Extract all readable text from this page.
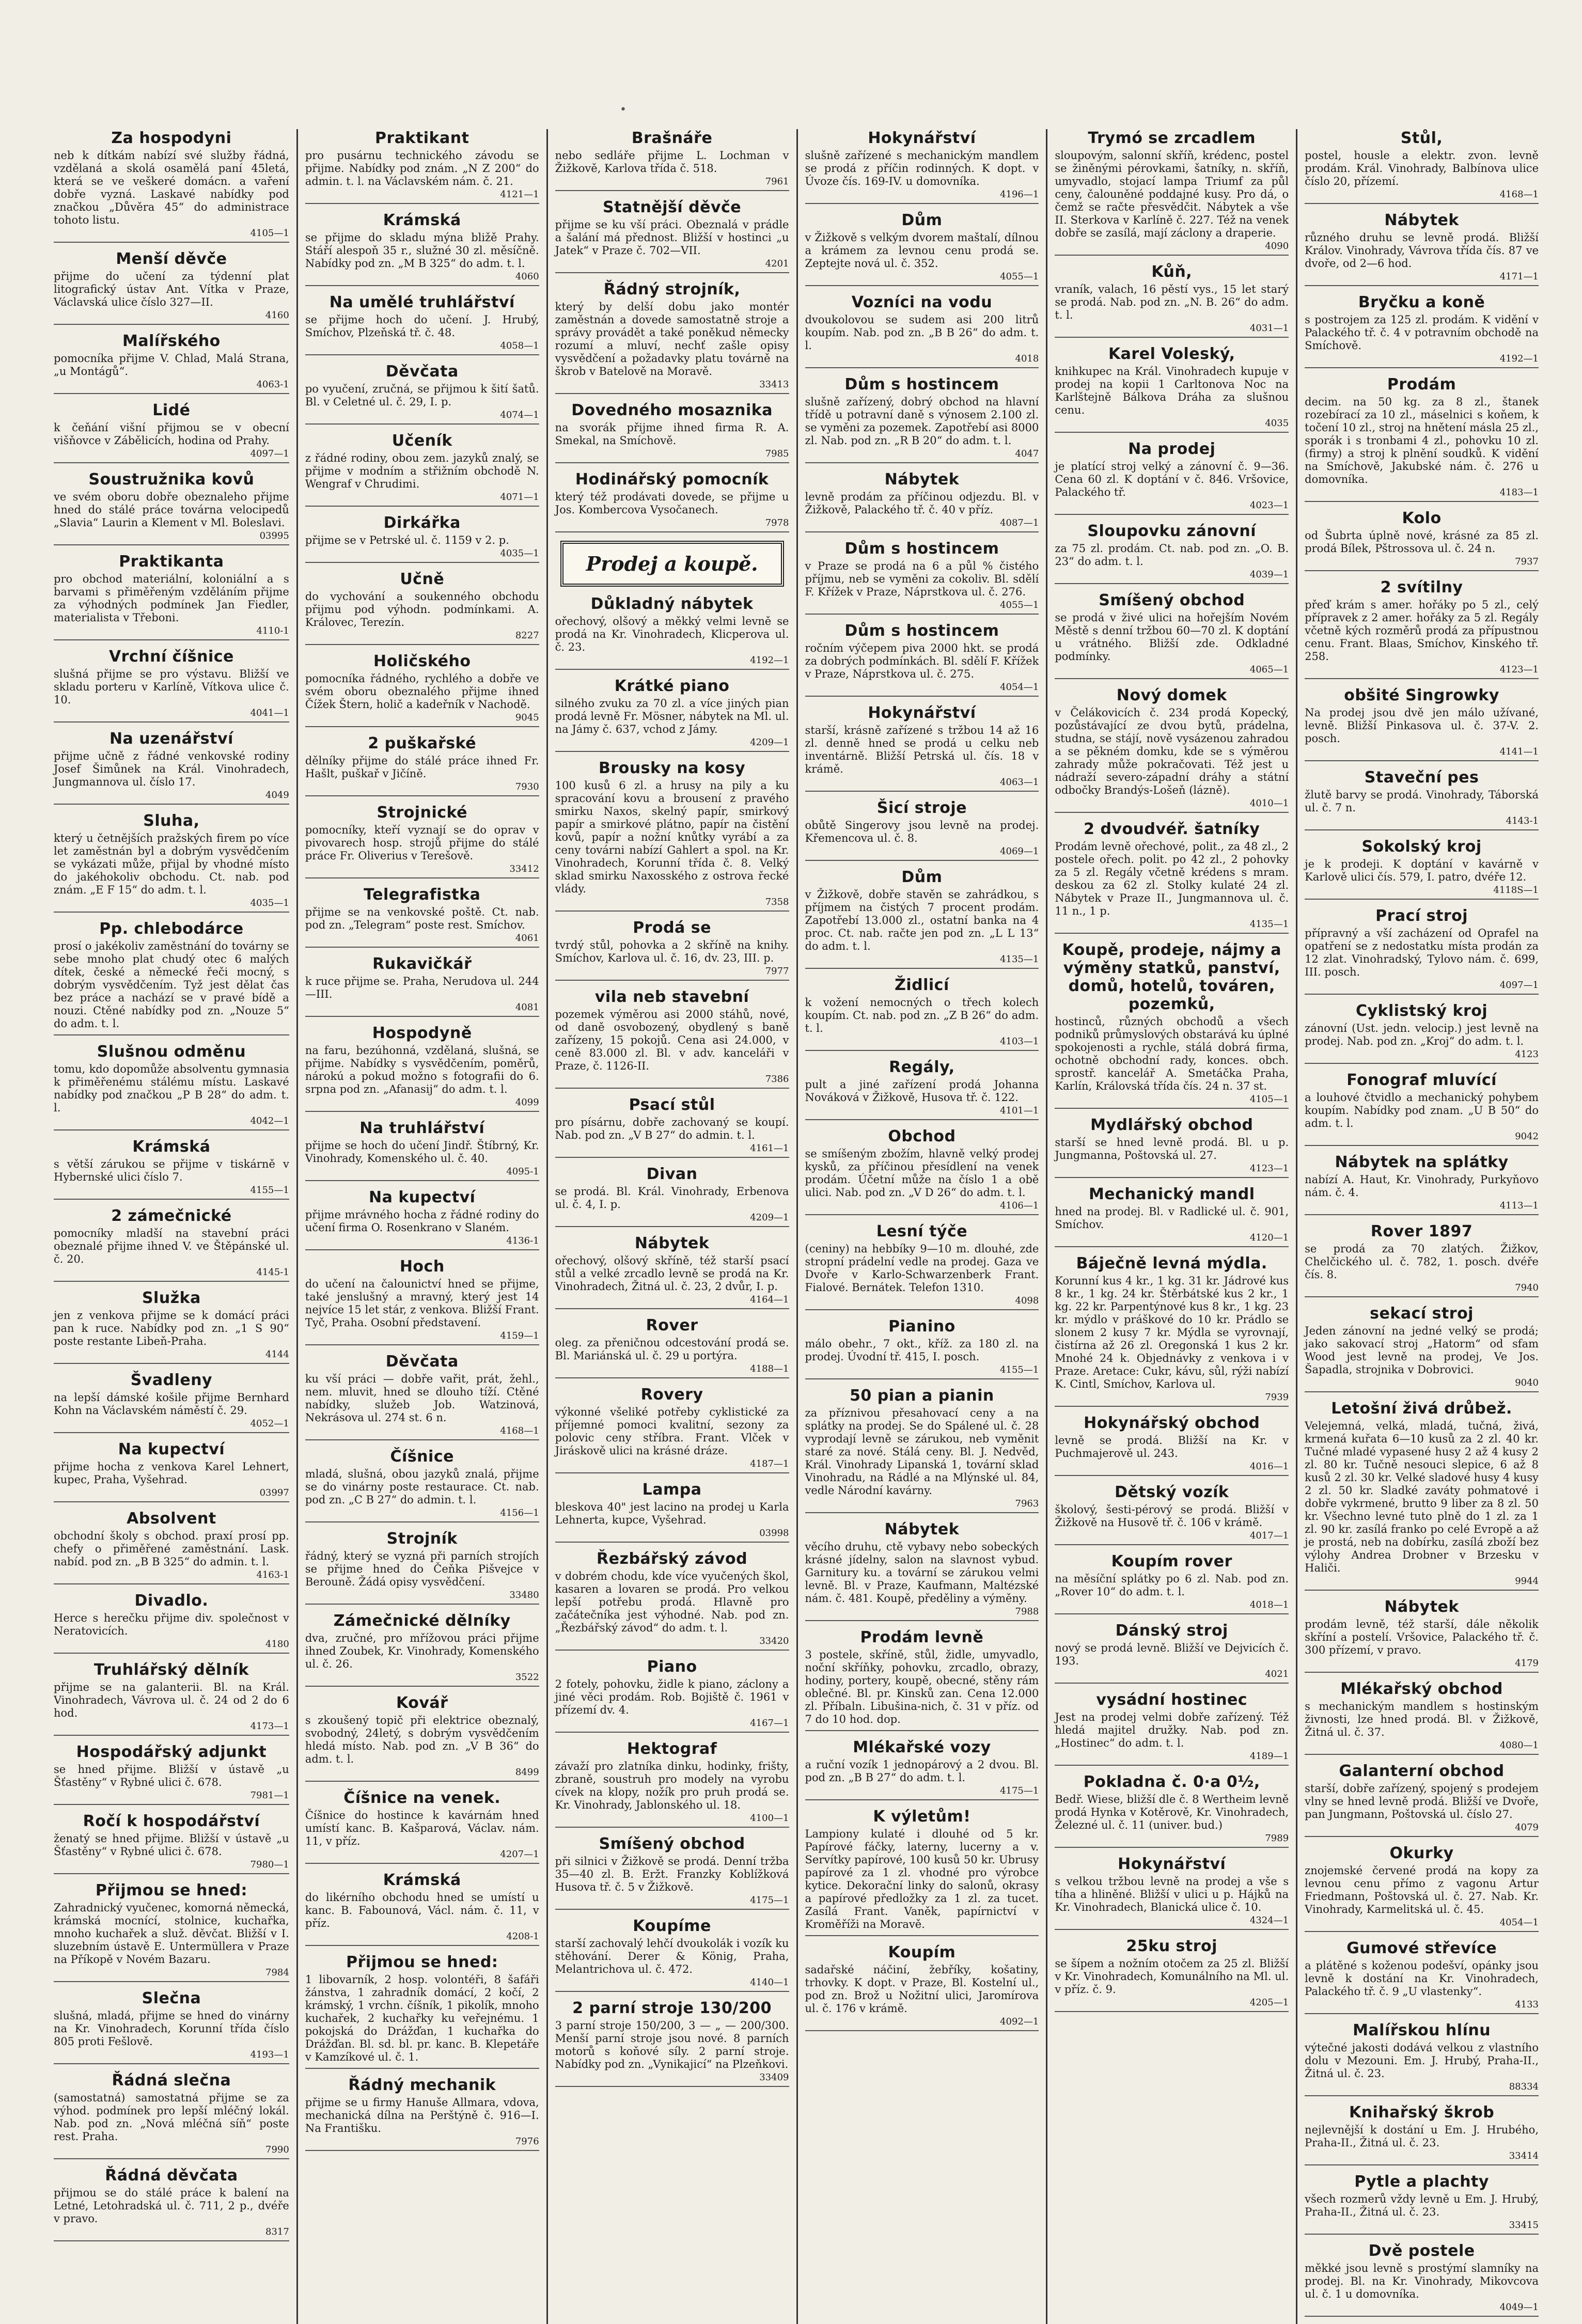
•
Za hospodyni

neb k dítkám nabízí své služby řádná, vzdělaná a skolá osamělá paní 45letá, která se ve veškeré domácn. a vaření dobře vyzná. Laskavé nabídky pod značkou „Důvěra 45“ do administrace tohoto listu.

4105—1
Menší děvče

přijme do učení za týdenní plat litografický ústav Ant. Vítka v Praze, Václavská ulice číslo 327—II.

4160
Malířského

pomocníka přijme V. Chlad, Malá Strana, „u Montágů“.

4063-1
Lidé

k čeňání višní přijmou se v obecní višňovce v Zábělicích, hodina od Prahy.

4097—1
Soustružnika kovů

ve svém oboru dobře obeznaleho přijme hned do stálé práce továrna velocipedů „Slavia“ Laurin a Klement v Ml. Boleslavi.

03995
Praktikanta

pro obchod materiální, koloniální a s barvami s přiměřeným vzděláním přijme za výhodných podmínek Jan Fiedler, materialista v Třeboni.

4110-1
Vrchní číšnice

slušná přijme se pro výstavu. Bližší ve skladu porteru v Karlíně, Vítkova ulice č. 10.

4041—1
Na uzenářství

přijme učně z řádné venkovské rodiny Josef Šimůnek na Král. Vinohradech, Jungmannova ul. číslo 17.

4049
Sluha,

který u četnějších pražských firem po více let zaměstnán byl a dobrým vysvědčením se vykázati může, přijal by vhodné místo do jakéhokoliv obchodu. Ct. nab. pod znám. „E F 15“ do adm. t. l.

4035—1
Pp. chlebodárce

prosí o jakékoliv zaměstnání do továrny se sebe mnoho plat chudý otec 6 malých dítek, české a německé řeči mocný, s dobrým vysvědčením. Tyž jest dělat čas bez práce a nachází se v pravé bídě a nouzi. Ctěné nabídky pod zn. „Nouze 5“ do adm. t. l.

Slušnou odměnu

tomu, kdo dopomůže absolventu gymnasia k přiměřenému stálému místu. Laskavé nabídky pod značkou „P B 28“ do adm. t. l.

4042—1
Krámská

s větší zárukou se přijme v tiskárně v Hybernské ulici číslo 7.

4155—1
2 zámečnické

pomocníky mladší na stavební práci obeznalé přijme ihned V. ve Štěpánské ul. č. 20.

4145-1
Služka

jen z venkova přijme se k domácí práci pan k ruce. Nabídky pod zn. „1 S 90“ poste restante Libeň-Praha.

4144
Švadleny

na lepší dámské košile přijme Bernhard Kohn na Václavském náměstí č. 29.

4052—1
Na kupectví

přijme hocha z venkova Karel Lehnert, kupec, Praha, Vyšehrad.

03997
Absolvent

obchodní školy s obchod. praxí prosí pp. chefy o přiměřené zaměstnání. Lask. nabíd. pod zn. „B B 325“ do admin. t. l.

4163-1
Divadlo.

Herce s herečku přijme div. společnost v Neratovicích.

4180
Truhlářský dělník

přijme se na galanterii. Bl. na Král. Vinohradech, Vávrova ul. č. 24 od 2 do 6 hod.

4173—1
Hospodářský adjunkt

se hned přijme. Bližší v ústavě „u Šťastěny“ v Rybné ulici č. 678.

7981—1
Ročí k hospodářství

ženatý se hned přijme. Bližší v ústavě „u Šťastěny“ v Rybné ulici č. 678.

7980—1
Přijmou se hned:

Zahradnický vyučenec, komorná německá, krámská mocnící, stolnice, kuchařka, mnoho kuchařek a služ. děvčat. Bližší v I. sluzebním ústavě E. Untermüllera v Praze na Příkopě v Novém Bazaru.

7984
Slečna

slušná, mladá, přijme se hned do vinárny na Kr. Vinohradech, Korunní třída číslo 805 proti Fešlově.

4193—1
Řádná slečna

(samostatná) samostatná přijme se za výhod. podmínek pro lepší mléčný lokál. Nab. pod zn. „Nová mléčná síň“ poste rest. Praha.

7990
Řádná děvčata

přijmou se do stálé práce k balení na Letné, Letohradská ul. č. 711, 2 p., dvéře v pravo.

8317
Praktikant

pro pusárnu technického závodu se přijme. Nabídky pod znám. „N Z 200“ do admin. t. l. na Václavském nám. č. 21.

4121—1
Krámská

se přijme do skladu mýna bližě Prahy. Stáří alespoň 35 r., služné 30 zl. měsíčně. Nabídky pod zn. „M B 325“ do adm. t. l.

4060
Na umělé truhlářství

se přijme hoch do učení. J. Hrubý, Smíchov, Plzeňská tř. č. 48.

4058—1
Děvčata

po vyučení, zručná, se přijmou k šití šatů. Bl. v Celetné ul. č. 29, I. p.

4074—1
Učeník

z řádné rodiny, obou zem. jazyků znalý, se přijme v modním a střižním obchodě N. Wengraf v Chrudimi.

4071—1
Dirkářka

přijme se v Petrské ul. č. 1159 v 2. p.

4035—1
Učně

do vychování a soukenného obchodu přijmu pod výhodn. podmínkami. A. Královec, Terezín.

8227
Holičského

pomocníka řádného, rychlého a dobře ve svém oboru obeznalého přijme ihned Čížek Štern, holič a kadeřník v Nachodě.

9045
2 puškařské

dělníky přijme do stálé práce ihned Fr. Hašlt, puškař v Jičíně.

7930
Strojnické

pomocníky, kteří vyznají se do oprav v pivovarech hosp. strojů přijme do stálé práce Fr. Oliverius v Terešově.

33412
Telegrafistka

přijme se na venkovské poště. Ct. nab. pod zn. „Telegram“ poste rest. Smíchov.

4061
Rukavičkář

k ruce přijme se. Praha, Nerudova ul. 244—III.

4081
Hospodyně

na faru, bezúhonná, vzdělaná, slušná, se přijme. Nabídky s vysvědčením, poměrů, nárokú a pokud možno s fotografii do 6. srpna pod zn. „Afanasij“ do adm. t. l.

4099
Na truhlářství

přijme se hoch do učení Jindř. Štíbrný, Kr. Vinohrady, Komenského ul. č. 40.

4095-1
Na kupectví

přijme mrávného hocha z řádné rodiny do učení firma O. Rosenkrano v Slaném.

4136-1
Hoch

do učení na čalounictví hned se přijme, také jenslušný a mravný, který jest 14 nejvíce 15 let stár, z venkova. Bližší Frant. Tyč, Praha. Osobní představení.

4159—1
Děvčata

ku vší práci — dobře vařit, prát, žehl., nem. mluvit, hned se dlouho tíží. Ctěné nabídky, služeb Job. Watzinová, Nekrásova ul. 274 st. 6 n.

4168—1
Číšnice

mladá, slušná, obou jazyků znalá, přijme se do vinárny poste restaurace. Ct. nab. pod zn. „C B 27“ do admin. t. l.

4156—1
Strojník

řádný, který se vyzná při parních strojích se přijme hned do Čeňka Pišvejce v Berouně. Žádá opisy vysvědčení.

33480
Zámečnické dělníky

dva, zručné, pro mřížovou práci přijme ihned Zoubek, Kr. Vinohrady, Komenského ul. č. 26.

3522
Kovář

s zkoušený topič při elektrice obeznalý, svobodný, 24letý, s dobrým vysvědčením hledá místo. Nab. pod zn. „V B 36“ do adm. t. l.

8499
Číšnice na venek.

Číšnice do hostince k kavárnám hned umístí kanc. B. Kašparová, Václav. nám. 11, v příz.

4207—1
Krámská

do likérního obchodu hned se umístí u kanc. B. Fabounová, Václ. nám. č. 11, v příz.

4208-1
Přijmou se hned:

1 libovarník, 2 hosp. volontéři, 8 šafáři žánstva, 1 zahradník domácí, 2 kočí, 2 krámský, 1 vrchn. číšník, 1 pikolík, mnoho kuchařek, 2 kuchařky ku veřejnému. 1 pokojská do Drážďan, 1 kuchařka do Drážďan. Bl. sd. bl. pr. kanc. B. Klepetáře v Kamzíkové ul. č. 1.

Řádný mechanik

přijme se u firmy Hanuše Allmara, vdova, mechanická dílna na Perštýně č. 916—I. Na Františku.

7976
Brašnáře

nebo sedláře přijme L. Lochman v Žižkově, Karlova třída č. 518.

7961
Statnější děvče

přijme se ku vší práci. Obeznalá v prádle a šalání má přednost. Bližší v hostinci „u Jatek“ v Praze č. 702—VII.

4201
Řádný strojník,

který by delší dobu jako montér zaměstnán a dovede samostatně stroje a správy provádět a také poněkud německy rozumí a mluví, nechť zašle opisy vysvědčení a požadavky platu továrně na škrob v Batelově na Moravě.

33413
Dovedného mosaznika

na svorák přijme ihned firma R. A. Smekal, na Smíchově.

7985
Hodinářský pomocník

který též prodávati dovede, se přijme u Jos. Kombercova Vysočanech.

7978
Prodej a koupě.
Důkladný nábytek

ořechový, olšový a měkký velmi levně se prodá na Kr. Vinohradech, Klicperova ul. č. 23.

4192—1
Krátké piano

silného zvuku za 70 zl. a více jiných pian prodá levně Fr. Mösner, nábytek na Ml. ul. na Jámy č. 637, vchod z Jámy.

4209—1
Brousky na kosy

100 kusů 6 zl. a hrusy na pily a ku spracování kovu a brousení z pravého smirku Naxos, skelný papír, smirkový papír a smirkové plátno, papír na čistění kovů, papír a nožní knůtky vyrábí a za ceny továrni nabízí Gahlert a spol. na Kr. Vinohradech, Korunní třída č. 8. Velký sklad smirku Naxosského z ostrova řecké vlády.

7358
Prodá se

tvrdý stůl, pohovka a 2 skříně na knihy. Smíchov, Karlova ul. č. 16, dv. 23, III. p.

7977
vila neb stavební

pozemek výměrou asi 2000 stáhů, nové, od daně osvobozený, obydlený s baně zařízeny, 15 pokojů. Cena asi 24.000, v ceně 83.000 zl. Bl. v adv. kanceláři v Praze, č. 1126-II.

7386
Psací stůl

pro písárnu, dobře zachovaný se koupí. Nab. pod zn. „V B 27“ do admin. t. l.

4161—1
Divan

se prodá. Bl. Král. Vinohrady, Erbenova ul. č. 4, I. p.

4209—1
Nábytek

ořechový, olšový skříně, též starší psací stůl a velké zrcadlo levně se prodá na Kr. Vinohradech, Žitná ul. č. 23, 2 dvůr, I. p.

4164—1
Rover

oleg. za přeničnou odcestování prodá se. Bl. Mariánská ul. č. 29 u portýra.

4188—1
Rovery

výkonné všeliké potřeby cyklistické za příjemné pomoci kvalitní, sezony za polovic ceny stříbra. Frant. Vlček v Jiráskově ulici na krásné dráze.

4187—1
Lampa

bleskova 40" jest lacino na prodej u Karla Lehnerta, kupce, Vyšehrad.

03998
Řezbářský závod

v dobrém chodu, kde více vyučených škol, kasaren a lovaren se prodá. Pro velkou lepší potřebu prodá. Hlavně pro začátečníka jest výhodné. Nab. pod zn. „Řezbářský závod“ do adm. t. l.

33420
Piano

2 fotely, pohovku, židle k piano, záclony a jiné věci prodám. Rob. Bojiště č. 1961 v přízemí dv. 4.

4167—1
Hektograf

závaží pro zlatníka dinku, hodinky, frišty, zbraně, soustruh pro modely na vyrobu cívek na klopy, nožík pro pruh prodá se. Kr. Vinohrady, Jablonského ul. 18.

4100—1
Smíšený obchod

při silnici v Žižkově se prodá. Denní tržba 35—40 zl. B. Eržt. Franzky Koblížková Husova tř. č. 5 v Žižkově.

4175—1
Koupíme

starší zachovalý lehčí dvoukolák i vozík ku stěhování. Derer & König, Praha, Melantrichova ul. č. 472.

4140—1
2 parní stroje 130/200

3 parní stroje 150/200, 3 — „ — 200/300. Menší parní stroje jsou nové. 8 parních motorů s koňové síly. 2 parní stroje. Nabídky pod zn. „Vynikajicí“ na Plzeňkovi.

33409
Hokynářství

slušně zařízené s mechanickým mandlem se prodá z příčin rodinných. K dopt. v Úvoze čís. 169-IV. u domovníka.

4196—1
Dům

v Žižkově s velkým dvorem maštalí, dílnou a krámem za levnou cenu prodá se. Zeptejte nová ul. č. 352.

4055—1
Vozníci na vodu

dvoukolovou se sudem asi 200 litrů koupím. Nab. pod zn. „B B 26“ do adm. t. l.

4018
Dům s hostincem

slušně zařízený, dobrý obchod na hlavní třídě u potravní daně s výnosem 2.100 zl. se vyměni za pozemek. Zapotřebí asi 8000 zl. Nab. pod zn. „R B 20“ do adm. t. l.

4047
Nábytek

levně prodám za příčinou odjezdu. Bl. v Žižkově, Palackého tř. č. 40 v příz.

4087—1
Dům s hostincem

v Praze se prodá na 6 a půl % čistého příjmu, neb se vyměni za cokoliv. Bl. sdělí F. Křížek v Praze, Náprstkova ul. č. 276.

4055—1
Dům s hostincem

ročním výčepem piva 2000 hkt. se prodá za dobrých podmínkách. Bl. sdělí F. Křížek v Praze, Náprstkova ul. č. 275.

4054—1
Hokynářství

starší, krásně zařízené s tržbou 14 až 16 zl. denně hned se prodá u celku neb inventárně. Bližší Petrská ul. čís. 18 v krámě.

4063—1
Šicí stroje

obůtě Singerovy jsou levně na prodej. Křemencova ul. č. 8.

4069—1
Dům

v Žižkově, dobře stavěn se zahrádkou, s příjmem na čistých 7 procent prodám. Zapotřebí 13.000 zl., ostatní banka na 4 proc. Ct. nab. račte jen pod zn. „L L 13“ do adm. t. l.

4135—1
Židlicí

k vožení nemocných o třech kolech koupím. Ct. nab. pod zn. „Z B 26“ do adm. t. l.

4103—1
Regály,

pult a jiné zařízení prodá Johanna Nováková v Žižkově, Husova tř. č. 122.

4101—1
Obchod

se smíšeným zbožím, hlavně velký prodej kysků, za příčinou přesídlení na venek prodám. Účetní může na číslo 1 a obě ulici. Nab. pod zn. „V D 26“ do adm. t. l.

4106—1
Lesní týče

(ceniny) na hebbíky 9—10 m. dlouhé, zde stropní prádelní vedle na prodej. Gaza ve Dvoře v Karlo-Schwarzenberk Frant. Fialové. Bernátek. Telefon 1310.

4098
Pianino

málo obehr., 7 okt., kříž. za 180 zl. na prodej. Úvodní tř. 415, I. posch.

4155—1
50 pian a pianin

za příznivou přesahovací ceny a na splátky na prodej. Se do Spálené ul. č. 28 vyprodají levně se zárukou, neb vyměnit staré za nové. Stálá ceny. Bl. J. Nedvěd, Král. Vinohrady Lipanská 1, tovární sklad Vinohradu, na Rádlé a na Mlýnské ul. 84, vedle Národní kavárny.

7963
Nábytek

věcího druhu, ctě vybavy nebo sobeckých krásné jídelny, salon na slavnost vybud. Garnitury ku. a tovární se zárukou velmi levně. Bl. v Praze, Kaufmann, Maltézské nám. č. 481. Koupě, předěliny a výměny.

7988
Prodám levně

3 postele, skříně, stůl, židle, umyvadlo, noční skříňky, pohovku, zrcadlo, obrazy, hodiny, portery, koupě, obecné, stěny rám oblečné. Bl. pr. Kinsků zan. Cena 12.000 zl. Příbaln. Libušina-nich, č. 31 v příz. od 7 do 10 hod. dop.

Mlékařské vozy

a ruční vozík 1 jednopárový a 2 dvou. Bl. pod zn. „B B 27“ do adm. t. l.

4175—1
K výletům!

Lampiony kulaté i dlouhé od 5 kr. Papírové fáčky, laterny, lucerny a v. Servítky papírové, 100 kusů 50 kr. Ubrusy papírové za 1 zl. vhodné pro výrobce kytice. Dekorační linky do salonů, okrasy a papírové předložky za 1 zl. za tucet. Zasílá Frant. Vaněk, papírnictví v Kroměříži na Moravě.

Koupím

sadařské náčiní, žebříky, košatiny, trhovky. K dopt. v Praze, Bl. Kostelní ul., pod zn. Brož u Nožitní ulici, Jaromírova ul. č. 176 v krámě.

4092—1
Trymó se zrcadlem

sloupovým, salonní skříň, krédenc, postel se žiněnými pérovkami, šatníky, n. skříň, umyvadlo, stojací lampa Triumf za půl ceny, čalouněné poddajné kusy. Pro dá, o čemž se račte přesvědčit. Nábytek a vše II. Sterkova v Karlíně č. 227. Též na venek dobře se zasílá, mají záclony a draperie.

4090
Kůň,

vraník, valach, 16 pěstí vys., 15 let starý se prodá. Nab. pod zn. „N. B. 26“ do adm. t. l.

4031—1
Karel Voleský,

knihkupec na Král. Vinohradech kupuje v prodej na kopii 1 Carltonova Noc na Karlštejně Bálkova Dráha za slušnou cenu.

4035
Na prodej

je platící stroj velký a zánovní č. 9—36. Cena 60 zl. K doptání v č. 846. Vršovice, Palackého tř.

4023—1
Sloupovku zánovní

za 75 zl. prodám. Ct. nab. pod zn. „O. B. 23“ do adm. t. l.

4039—1
Smíšený obchod

se prodá v živé ulici na hořejším Novém Městě s denní tržbou 60—70 zl. K doptání u vrátného. Bližší zde. Odkladné podmínky.

4065—1
Nový domek

v Čelákovicích č. 234 prodá Kopecký, pozůstávající ze dvou bytů, prádelna, studna, se stájí, nově vysázenou zahradou a se pěkném domku, kde se s výměrou zahrady může pokračovati. Též jest u nádraží severo-západní dráhy a státní odbočky Brandýs-Lošeň (lázně).

4010—1
2 dvoudvéř. šatníky

Prodám levně ořechové, polit., za 48 zl., 2 postele ořech. polit. po 42 zl., 2 pohovky za 5 zl. Regály včetně krédens s mram. deskou za 62 zl. Stolky kulaté 24 zl. Nábytek v Praze II., Jungmannova ul. č. 11 n., 1 p.

4135—1
Koupě, prodeje, nájmy a výměny statků, panství, domů, hotelů, továren, pozemků,

hostinců, různých obchodů a všech podniků průmyslových obstarává ku úplné spokojenosti a rychle, stálá dobrá firma, ochotně obchodní rady, konces. obch. sprostř. kancelář A. Smetáčka Praha, Karlín, Královská třída čís. 24 n. 37 st.

4105—1
Mydlářský obchod

starší se hned levně prodá. Bl. u p. Jungmanna, Poštovská ul. 27.

4123—1
Mechanický mandl

hned na prodej. Bl. v Radlické ul. č. 901, Smíchov.

4120—1
Báječně levná mýdla.

Korunní kus 4 kr., 1 kg. 31 kr. Jádrové kus 8 kr., 1 kg. 24 kr. Štěrbátské kus 2 kr., 1 kg. 22 kr. Parpentýnové kus 8 kr., 1 kg. 23 kr. mýdlo v práškové do 10 kr. Prádlo se slonem 2 kusy 7 kr. Mýdla se vyrovnají, čistírna až 26 zl. Oregonská 1 kus 2 kr. Mnohé 24 k. Objednávky z venkova i v Praze. Aretace: Cukr, kávu, sůl, rýži nabízí K. Cintl, Smíchov, Karlova ul.

7939
Hokynářský obchod

levně se prodá. Bližší na Kr. v Puchmajerově ul. 243.

4016—1
Dětský vozík

školový, šesti-pérový se prodá. Bližší v Žižkově na Husově tř. č. 106 v krámě.

4017—1
Koupím rover

na měsíční splátky po 6 zl. Nab. pod zn. „Rover 10“ do adm. t. l.

4018—1
Dánský stroj

nový se prodá levně. Bližší ve Dejvicích č. 193.

4021
vysádní hostinec

Jest na prodej velmi dobře zařízený. Též hledá majitel družky. Nab. pod zn. „Hostinec“ do adm. t. l.

4189—1
Pokladna č. 0·a 0½,

Bedř. Wiese, bližší dle č. 8 Wertheim levně prodá Hynka v Kotěrově, Kr. Vinohradech, Železné ul. č. 11 (univer. bud.)

7989
Hokynářství

s velkou tržbou levně na prodej a vše s tíha a hliněné. Bližší v ulici u p. Hájků na Kr. Vinohradech, Blanická ulice č. 10.

4324—1
25ku stroj

se šípem a nožním otočem za 25 zl. Bližší v Kr. Vinohradech, Komunálního na Ml. ul. v příz. č. 9.

4205—1
Stůl,

postel, housle a elektr. zvon. levně prodám. Král. Vinohrady, Balbínova ulice číslo 20, přízemí.

4168—1
Nábytek

různého druhu se levně prodá. Bližší Králov. Vinohrady, Vávrova třída čís. 87 ve dvoře, od 2—6 hod.

4171—1
Bryčku a koně

s postrojem za 125 zl. prodám. K vidění v Palackého tř. č. 4 v potravním obchodě na Smíchově.

4192—1
Prodám

decim. na 50 kg. za 8 zl., štanek rozebírací za 10 zl., máselnici s koňem, k točení 10 zl., stroj na hnětení másla 25 zl., sporák i s tronbami 4 zl., pohovku 10 zl. (firmy) a stroj k plnění soudků. K vidění na Smíchově, Jakubské nám. č. 276 u domovníka.

4183—1
Kolo

od Šubrta úplně nové, krásné za 85 zl. prodá Bílek, Pštrossova ul. č. 24 n.

7937
2 svítilny

přeď krám s amer. hořáky po 5 zl., celý přípravek z 2 amer. hořáky za 5 zl. Regály včetně kých rozměrů prodá za přípustnou cenu. Frant. Blaas, Smíchov, Kinského tř. 258.

4123—1
obšité Singrowky

Na prodej jsou dvě jen málo užívané, levně. Bližší Pinkasova ul. č. 37-V. 2. posch.

4141—1
Staveční pes

žlutě barvy se prodá. Vinohrady, Táborská ul. č. 7 n.

4143-1
Sokolský kroj

je k prodeji. K doptání v kavárně v Karlově ulici čís. 579, I. patro, dvéře 12.

4118S—1
Prací stroj

přípravný a vší zacházení od Oprafel na opatření se z nedostatku místa prodán za 12 zlat. Vinohradský, Tylovo nám. č. 699, III. posch.

4097—1
Cyklistský kroj

zánovní (Ust. jedn. velocip.) jest levně na prodej. Nab. pod zn. „Kroj“ do adm. t. l.

4123
Fonograf mluvící

a louhové čtvidlo a mechanický pohybem koupím. Nabídky pod znam. „U B 50“ do adm. t. l.

9042
Nábytek na splátky

nabízí A. Haut, Kr. Vinohrady, Purkyňovo nám. č. 4.

4113—1
Rover 1897

se prodá za 70 zlatých. Žižkov, Chelčického ul. č. 782, 1. posch. dvéře čís. 8.

7940
sekací stroj

Jeden zánovní na jedné velký se prodá; jako sakovací stroj „Hatorm“ od sfam Wood jest levně na prodej, Ve Jos. Šapadla, strojnika v Dobrovici.

9040
Letošní živá drůbež.

Velejemná, velká, mladá, tučná, živá, krmená kuřata 6—10 kusů za 2 zl. 40 kr. Tučné mladé vypasené husy 2 až 4 kusy 2 zl. 80 kr. Tučně nesouci slepice, 6 až 8 kusů 2 zl. 30 kr. Velké sladové husy 4 kusy 2 zl. 50 kr. Sladké zaváty pohmatové i dobře vykrmené, brutto 9 liber za 8 zl. 50 kr. Všechno levné tuto plně do 1 zl. za 1 zl. 90 kr. zasílá franko po celé Evropě a až je prostá, neb na dobírku, zasílá zboží bez výlohy Andrea Drobner v Brzesku v Haliči.

9944
Nábytek

prodám levně, též starší, dále několik skříní a postelí. Vršovice, Palackého tř. č. 300 přízemí, v pravo.

4179
Mlékařský obchod

s mechanickým mandlem s hostinským živnosti, lze hned prodá. Bl. v Žižkově, Žitná ul. č. 37.

4080—1
Galanterní obchod

starší, dobře zařízený, spojený s prodejem vlny se hned levně prodá. Bližší ve Dvoře, pan Jungmann, Poštovská ul. číslo 27.

4079
Okurky

znojemské červené prodá na kopy za levnou cenu přímo z vagonu Artur Friedmann, Poštovská ul. č. 27. Nab. Kr. Vinohrady, Karmelitská ul. č. 45.

4054—1
Gumové střevíce

a plátěné s koženou podešví, opánky jsou levně k dostání na Kr. Vinohradech, Palackého tř. č. 9 „U vlastenky“.

4133
Malířskou hlínu

výtečné jakosti dodává velkou z vlastního dolu v Mezouni. Em. J. Hrubý, Praha-II., Žitná ul. č. 23.

88334
Knihařský škrob

nejlevnější k dostání u Em. J. Hrubého, Praha-II., Žitná ul. č. 23.

33414
Pytle a plachty

všech rozmerů vždy levně u Em. J. Hrubý, Praha-II., Žitná ul. č. 23.

33415
Dvě postele

měkké jsou levně s prostýmí slamníky na prodej. Bl. na Kr. Vinohrady, Mikovcova ul. č. 1 u domovníka.

4049—1
